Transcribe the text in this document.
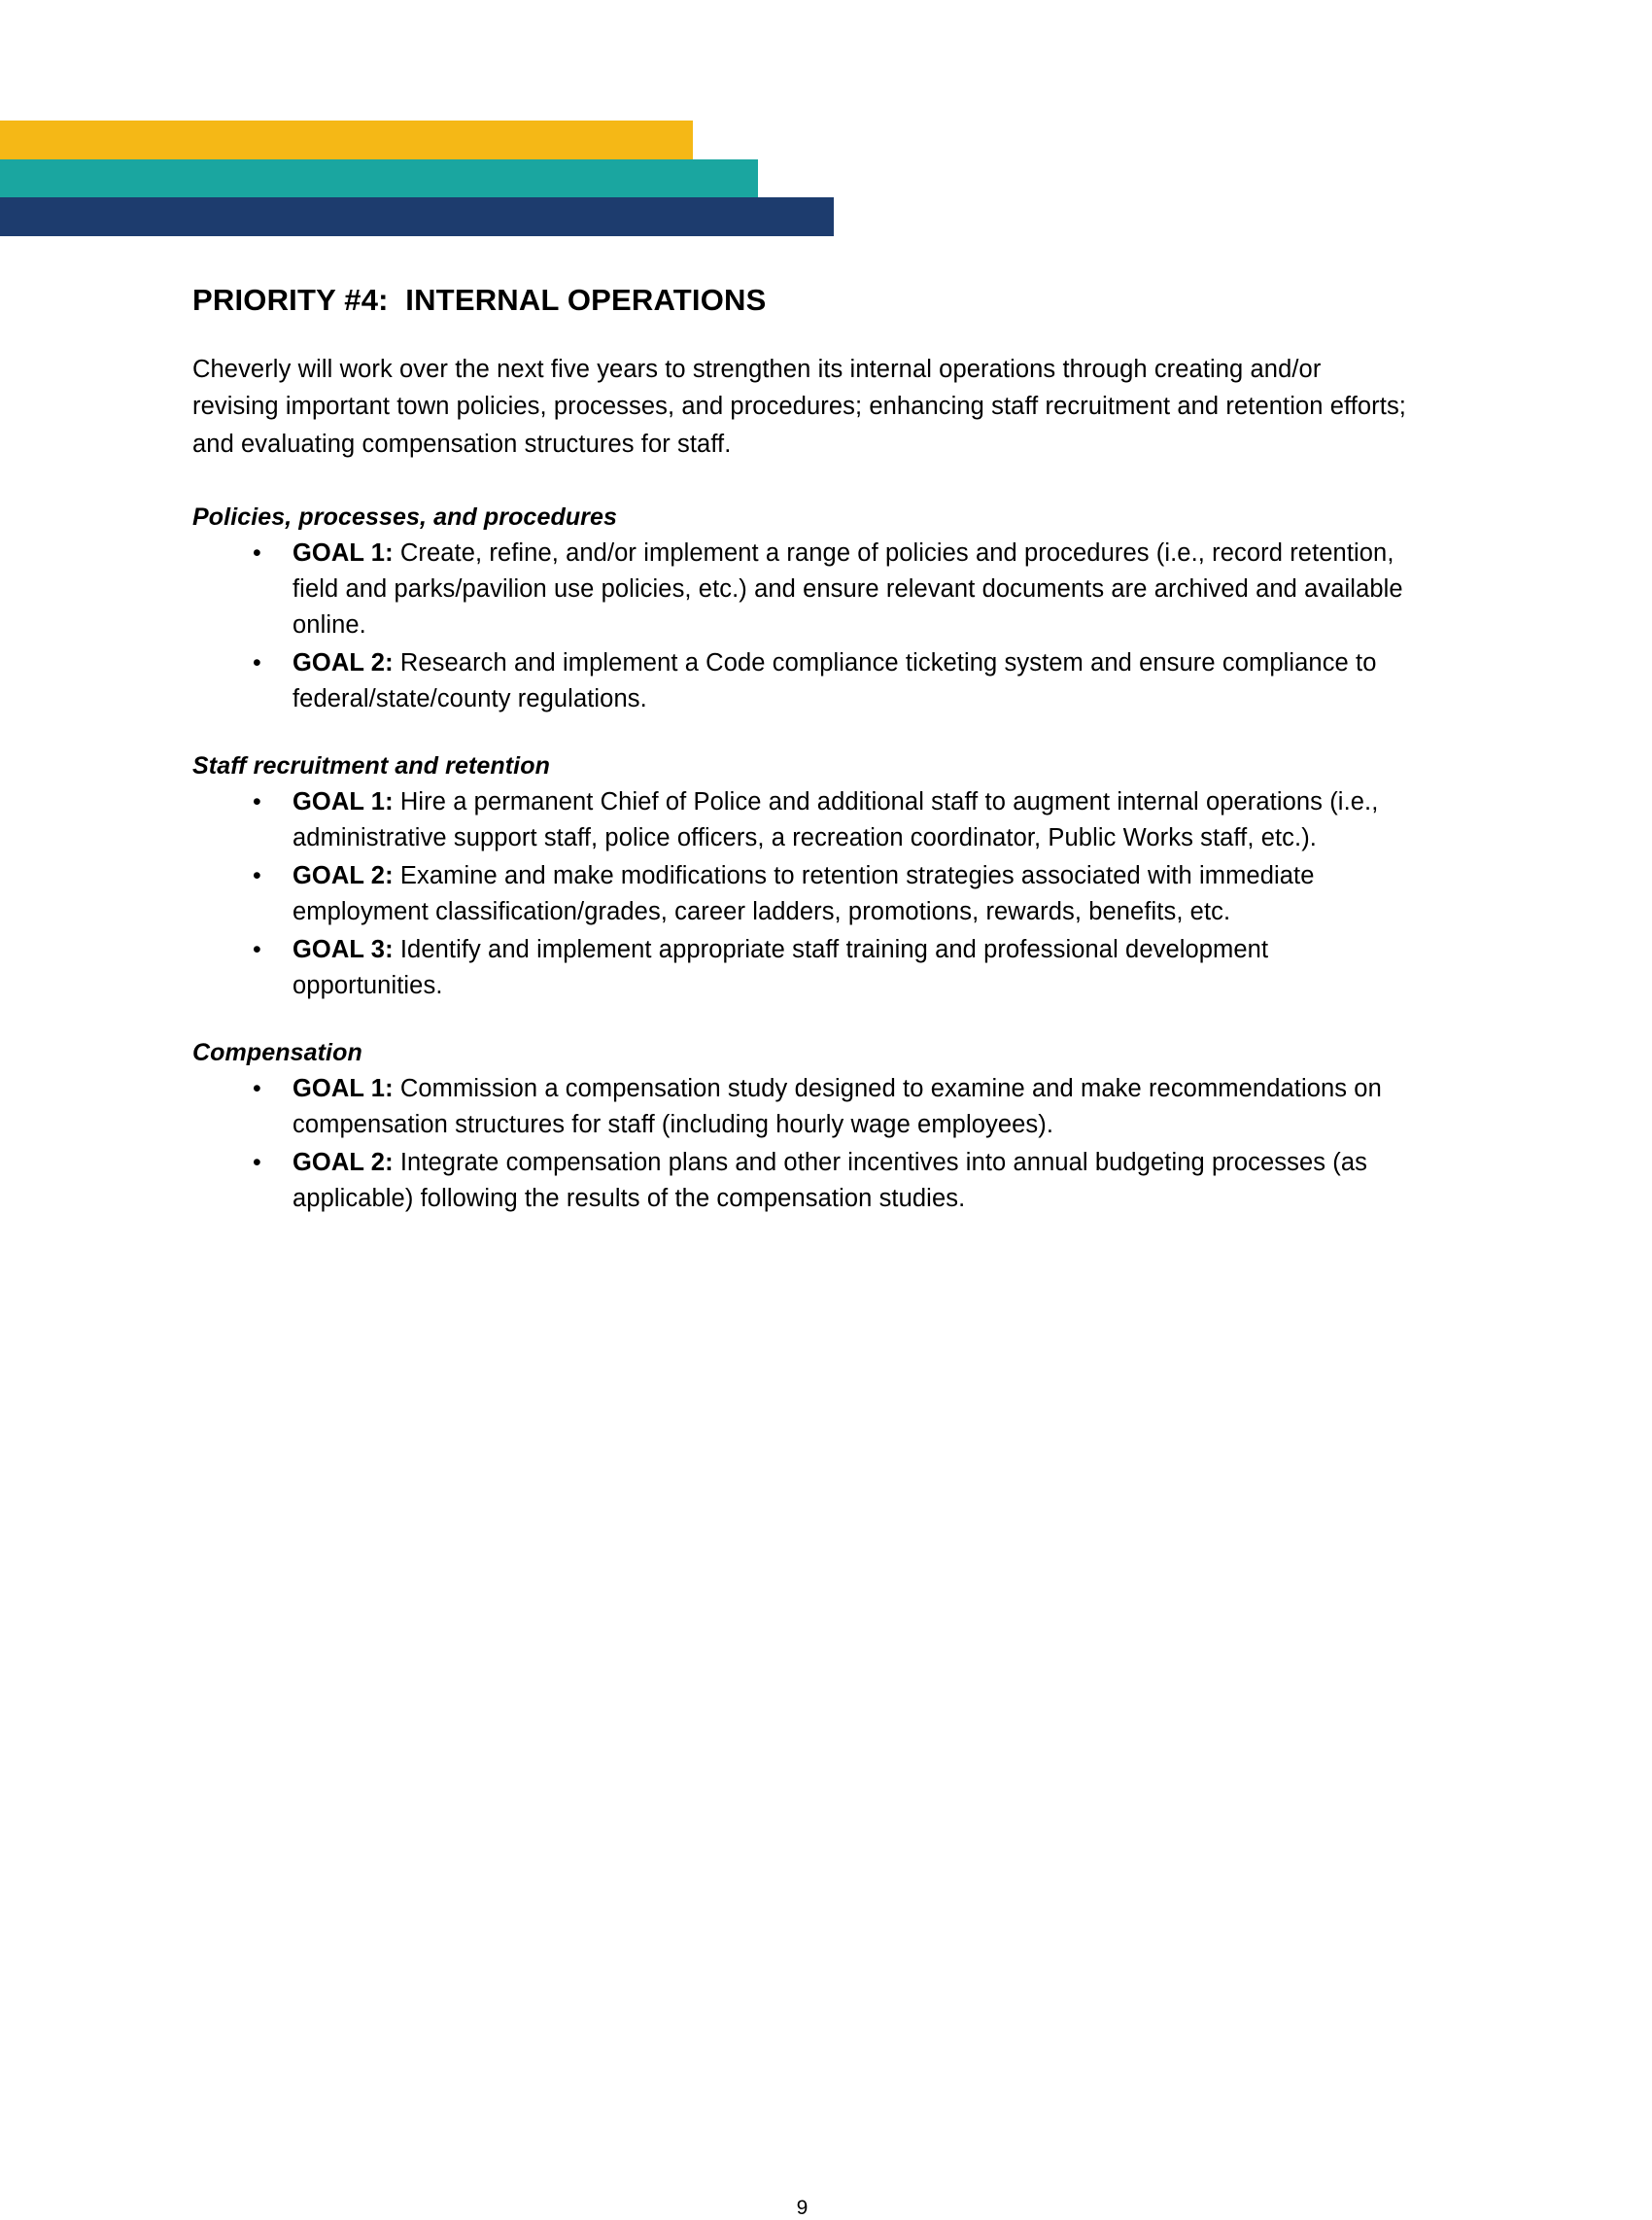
PRIORITY #4:  INTERNAL OPERATIONS

Cheverly will work over the next five years to strengthen its internal operations through creating and/or revising important town policies, processes, and procedures; enhancing staff recruitment and retention efforts; and evaluating compensation structures for staff.

Policies, processes, and procedures
• GOAL 1: Create, refine, and/or implement a range of policies and procedures (i.e., record retention, field and parks/pavilion use policies, etc.) and ensure relevant documents are archived and available online.
• GOAL 2: Research and implement a Code compliance ticketing system and ensure compliance to federal/state/county regulations.
Staff recruitment and retention
• GOAL 1: Hire a permanent Chief of Police and additional staff to augment internal operations (i.e., administrative support staff, police officers, a recreation coordinator, Public Works staff, etc.).
• GOAL 2: Examine and make modifications to retention strategies associated with immediate employment classification/grades, career ladders, promotions, rewards, benefits, etc.
• GOAL 3: Identify and implement appropriate staff training and professional development opportunities.
Compensation
• GOAL 1: Commission a compensation study designed to examine and make recommendations on compensation structures for staff (including hourly wage employees).
• GOAL 2: Integrate compensation plans and other incentives into annual budgeting processes (as applicable) following the results of the compensation studies.
9
